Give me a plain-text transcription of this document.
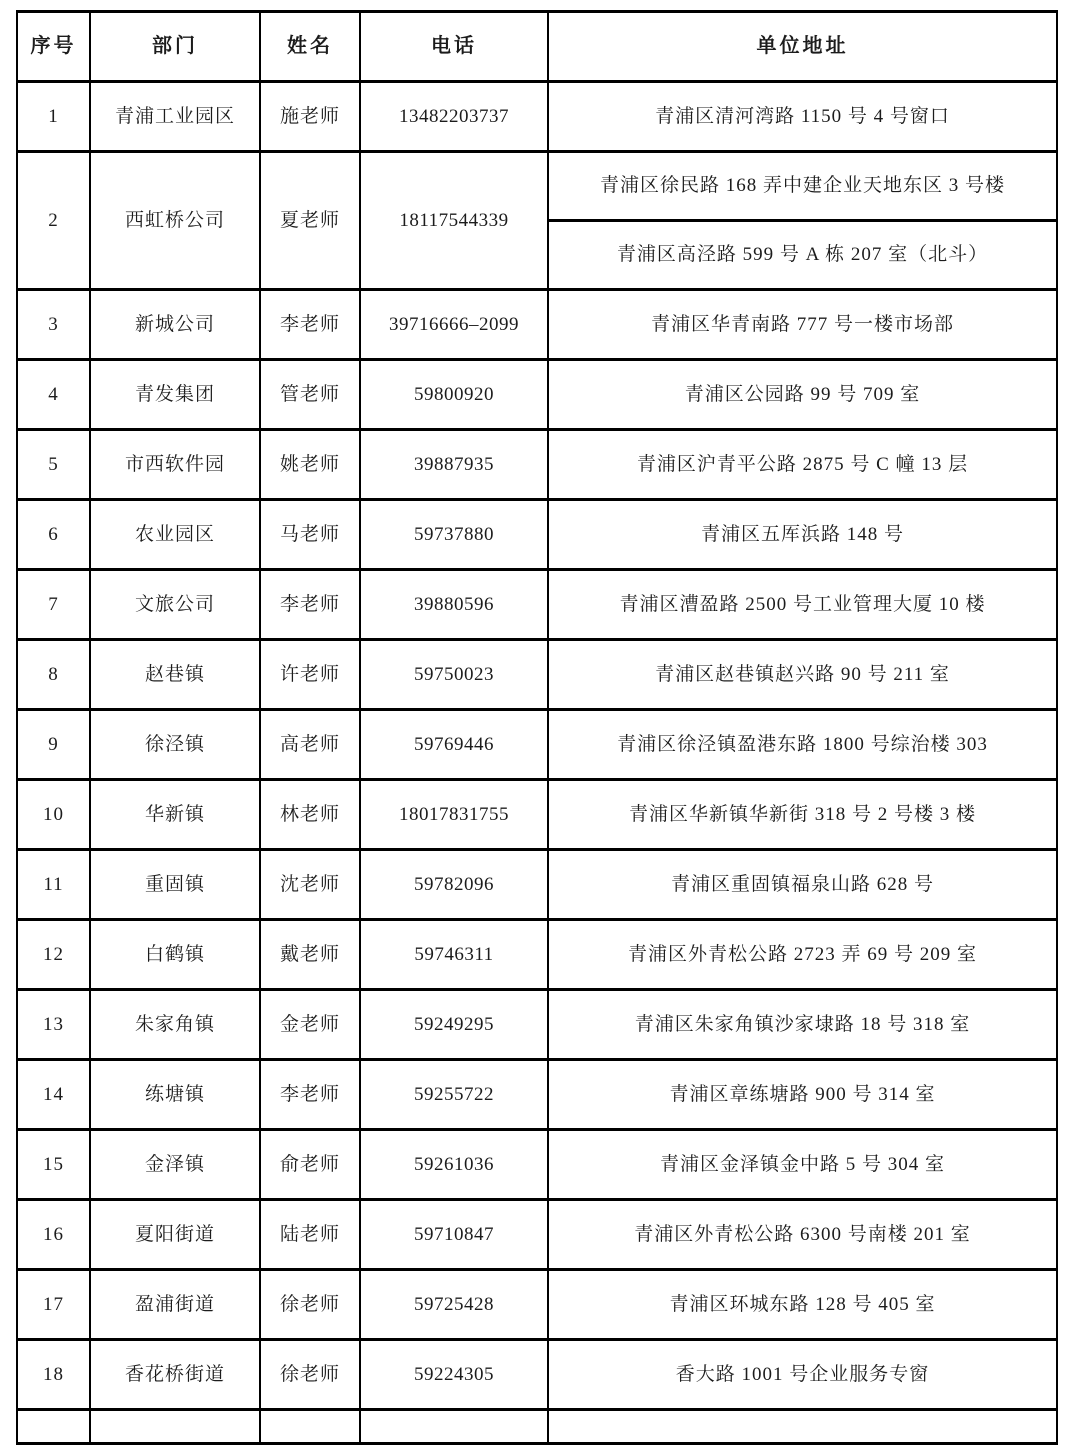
序号	部门	姓名	电话	单位地址
1	青浦工业园区	施老师	13482203737	青浦区清河湾路 1150 号 4 号窗口
2	西虹桥公司	夏老师	18117544339	青浦区徐民路 168 弄中建企业天地东区 3 号楼
				青浦区高泾路 599 号 A 栋 207 室（北斗）
3	新城公司	李老师	39716666–2099	青浦区华青南路 777 号一楼市场部
4	青发集团	管老师	59800920	青浦区公园路 99 号 709 室
5	市西软件园	姚老师	39887935	青浦区沪青平公路 2875 号 C 幢 13 层
6	农业园区	马老师	59737880	青浦区五厍浜路 148 号
7	文旅公司	李老师	39880596	青浦区漕盈路 2500 号工业管理大厦 10 楼
8	赵巷镇	许老师	59750023	青浦区赵巷镇赵兴路 90 号 211 室
9	徐泾镇	高老师	59769446	青浦区徐泾镇盈港东路 1800 号综治楼 303
10	华新镇	林老师	18017831755	青浦区华新镇华新街 318 号 2 号楼 3 楼
11	重固镇	沈老师	59782096	青浦区重固镇福泉山路 628 号
12	白鹤镇	戴老师	59746311	青浦区外青松公路 2723 弄 69 号 209 室
13	朱家角镇	金老师	59249295	青浦区朱家角镇沙家埭路 18 号 318 室
14	练塘镇	李老师	59255722	青浦区章练塘路 900 号 314 室
15	金泽镇	俞老师	59261036	青浦区金泽镇金中路 5 号 304 室
16	夏阳街道	陆老师	59710847	青浦区外青松公路 6300 号南楼 201 室
17	盈浦街道	徐老师	59725428	青浦区环城东路 128 号 405 室
18	香花桥街道	徐老师	59224305	香大路 1001 号企业服务专窗
